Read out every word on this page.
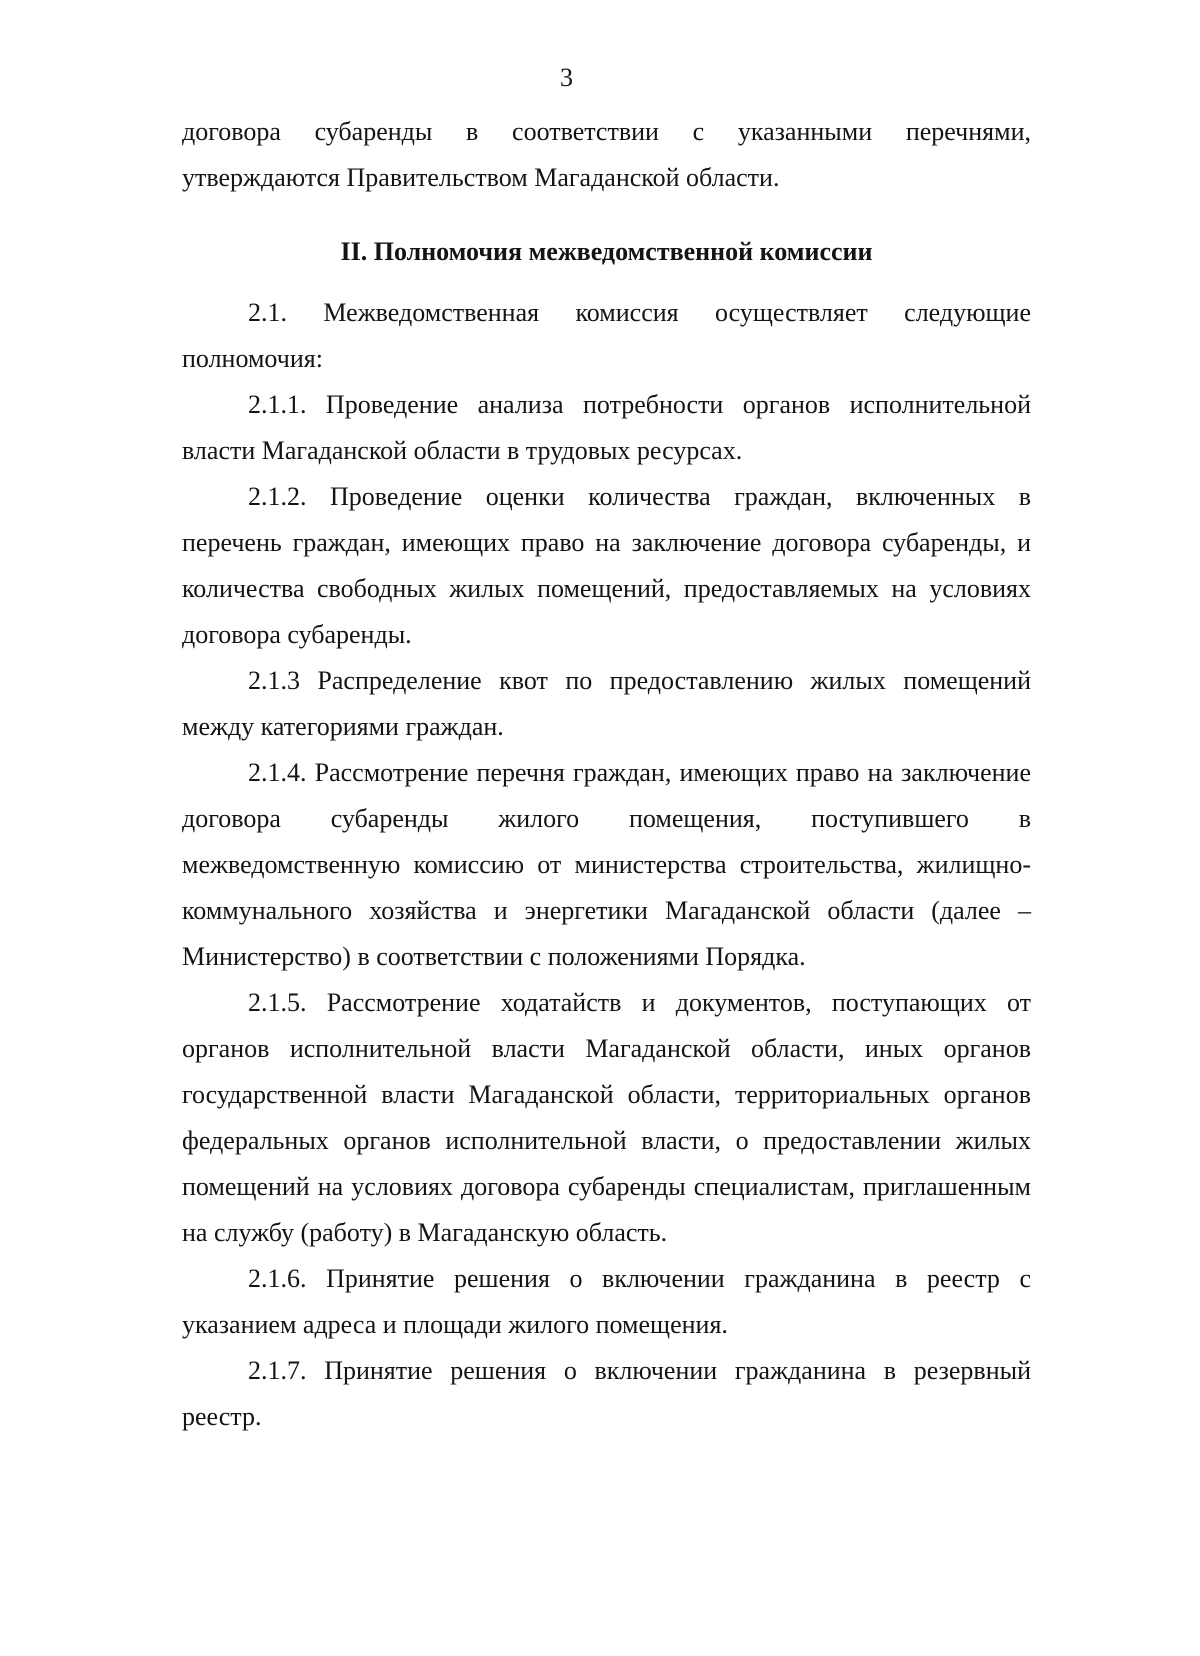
3

договора субаренды в соответствии с указанными перечнями, утверждаются Правительством Магаданской области.

II. Полномочия межведомственной комиссии

2.1. Межведомственная комиссия осуществляет следующие полномочия:

2.1.1. Проведение анализа потребности органов исполнительной власти Магаданской области в трудовых ресурсах.

2.1.2. Проведение оценки количества граждан, включенных в перечень граждан, имеющих право на заключение договора субаренды, и количества свободных жилых помещений, предоставляемых на условиях договора субаренды.

2.1.3 Распределение квот по предоставлению жилых помещений между категориями граждан.

2.1.4. Рассмотрение перечня граждан, имеющих право на заключение договора субаренды жилого помещения, поступившего в межведомственную комиссию от министерства строительства, жилищно-коммунального хозяйства и энергетики Магаданской области (далее – Министерство) в соответствии с положениями Порядка.

2.1.5. Рассмотрение ходатайств и документов, поступающих от органов исполнительной власти Магаданской области, иных органов государственной власти Магаданской области, территориальных органов федеральных органов исполнительной власти, о предоставлении жилых помещений на условиях договора субаренды специалистам, приглашенным на службу (работу) в Магаданскую область.

2.1.6. Принятие решения о включении гражданина в реестр с указанием адреса и площади жилого помещения.

2.1.7. Принятие решения о включении гражданина в резервный реестр.
